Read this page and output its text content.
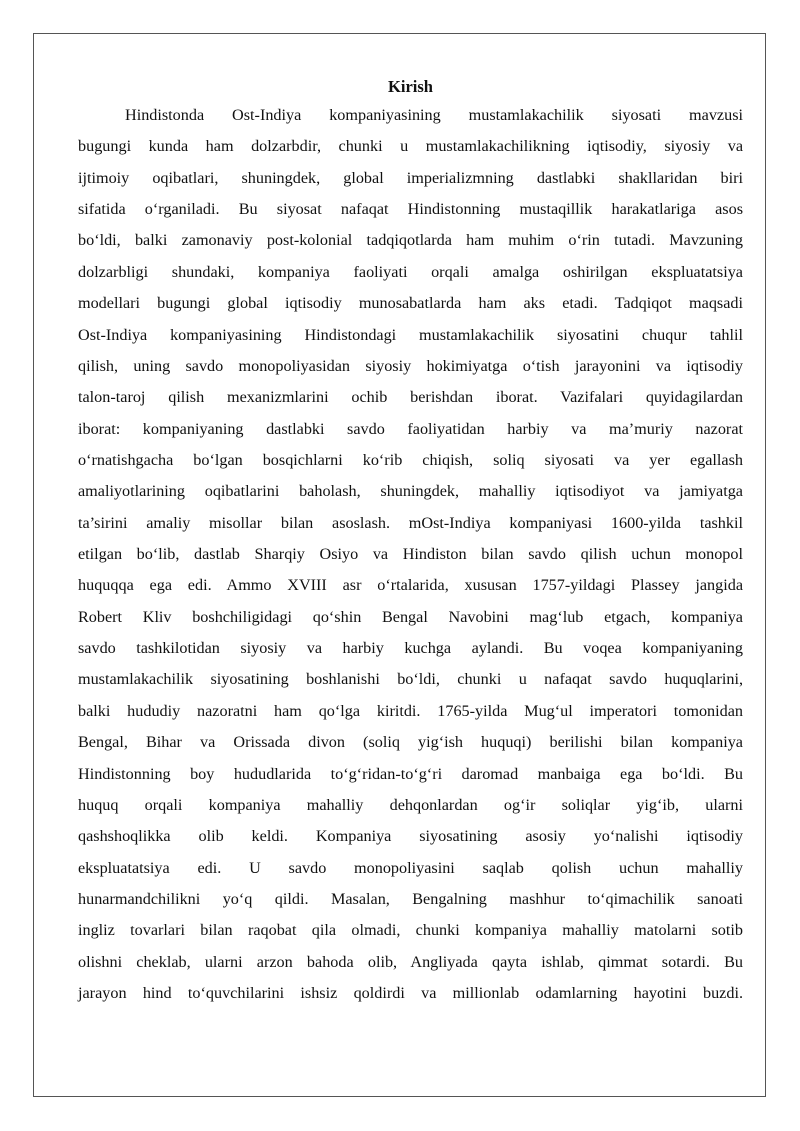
Kirish
Hindistonda Ost-Indiya kompaniyasining mustamlakachilik siyosati mavzusi
bugungi kunda ham dolzarbdir, chunki u mustamlakachilikning iqtisodiy, siyosiy va
ijtimoiy oqibatlari, shuningdek, global imperializmning dastlabki shakllaridan biri
sifatida o‘rganiladi. Bu siyosat nafaqat Hindistonning mustaqillik harakatlariga asos
bo‘ldi, balki zamonaviy post-kolonial tadqiqotlarda ham muhim o‘rin tutadi. Mavzuning
dolzarbligi shundaki, kompaniya faoliyati orqali amalga oshirilgan ekspluatatsiya
modellari bugungi global iqtisodiy munosabatlarda ham aks etadi. Tadqiqot maqsadi
Ost-Indiya kompaniyasining Hindistondagi mustamlakachilik siyosatini chuqur tahlil
qilish, uning savdo monopoliyasidan siyosiy hokimiyatga o‘tish jarayonini va iqtisodiy
talon-taroj qilish mexanizmlarini ochib berishdan iborat. Vazifalari quyidagilardan
iborat: kompaniyaning dastlabki savdo faoliyatidan harbiy va ma’muriy nazorat
o‘rnatishgacha bo‘lgan bosqichlarni ko‘rib chiqish, soliq siyosati va yer egallash
amaliyotlarining oqibatlarini baholash, shuningdek, mahalliy iqtisodiyot va jamiyatga
ta’sirini amaliy misollar bilan asoslash. mOst-Indiya kompaniyasi 1600-yilda tashkil
etilgan bo‘lib, dastlab Sharqiy Osiyo va Hindiston bilan savdo qilish uchun monopol
huquqqa ega edi. Ammo XVIII asr o‘rtalarida, xususan 1757-yildagi Plassey jangida
Robert Kliv boshchiligidagi qo‘shin Bengal Navobini mag‘lub etgach, kompaniya
savdo tashkilotidan siyosiy va harbiy kuchga aylandi. Bu voqea kompaniyaning
mustamlakachilik siyosatining boshlanishi bo‘ldi, chunki u nafaqat savdo huquqlarini,
balki hududiy nazoratni ham qo‘lga kiritdi. 1765-yilda Mug‘ul imperatori tomonidan
Bengal, Bihar va Orissada divon (soliq yig‘ish huquqi) berilishi bilan kompaniya
Hindistonning boy hududlarida to‘g‘ridan-to‘g‘ri daromad manbaiga ega bo‘ldi. Bu
huquq orqali kompaniya mahalliy dehqonlardan og‘ir soliqlar yig‘ib, ularni
qashshoqlikka olib keldi. Kompaniya siyosatining asosiy yo‘nalishi iqtisodiy
ekspluatatsiya edi. U savdo monopoliyasini saqlab qolish uchun mahalliy
hunarmandchilikni yo‘q qildi. Masalan, Bengalning mashhur to‘qimachilik sanoati
ingliz tovarlari bilan raqobat qila olmadi, chunki kompaniya mahalliy matolarni sotib
olishni cheklab, ularni arzon bahoda olib, Angliyada qayta ishlab, qimmat sotardi. Bu
jarayon hind to‘quvchilarini ishsiz qoldirdi va millionlab odamlarning hayotini buzdi.
